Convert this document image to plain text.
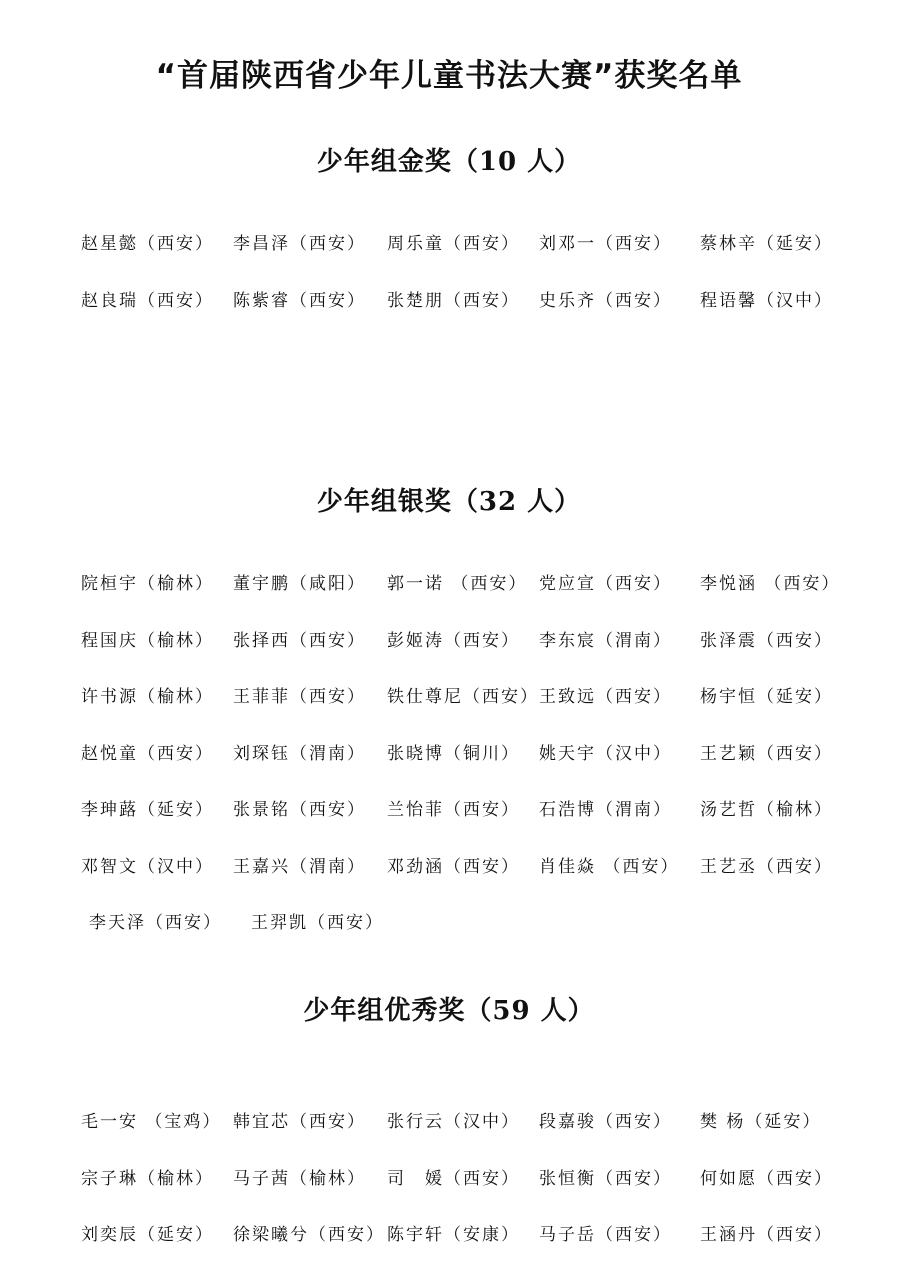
“首届陕西省少年儿童书法大赛”获奖名单
少年组金奖（10 人）
赵星懿（西安） 李昌泽（西安） 周乐童（西安） 刘邓一（西安） 蔡林辛（延安）
赵良瑞（西安） 陈紫睿（西安） 张楚朋（西安） 史乐齐（西安） 程语馨（汉中）
少年组银奖（32 人）
院桓宇（榆林） 董宇鹏（咸阳） 郭一诺 （西安） 党应宣（西安） 李悦涵 （西安）
程国庆（榆林） 张择西（西安） 彭姬涛（西安） 李东宸（渭南） 张泽震（西安）
许书源（榆林） 王菲菲（西安） 铁仕尊尼（西安） 王致远（西安） 杨宇恒（延安）
赵悦童（西安） 刘琛钰（渭南） 张晓博（铜川） 姚天宇（汉中） 王艺颖（西安）
李珅蕗（延安） 张景铭（西安） 兰怡菲（西安） 石浩博（渭南） 汤艺哲（榆林）
邓智文（汉中） 王嘉兴（渭南） 邓劲涵（西安） 肖佳焱 （西安） 王艺丞（西安）
李天泽（西安） 王羿凯（西安）
少年组优秀奖（59 人）
毛一安 （宝鸡） 韩宜芯（西安） 张行云（汉中） 段嘉骏（西安） 樊 杨（延安）
宗子琳（榆林） 马子茜（榆林） 司　媛（西安） 张恒衡（西安） 何如愿（西安）
刘奕辰（延安） 徐梁曦兮（西安） 陈宇轩（安康） 马子岳（西安） 王涵丹（西安）
